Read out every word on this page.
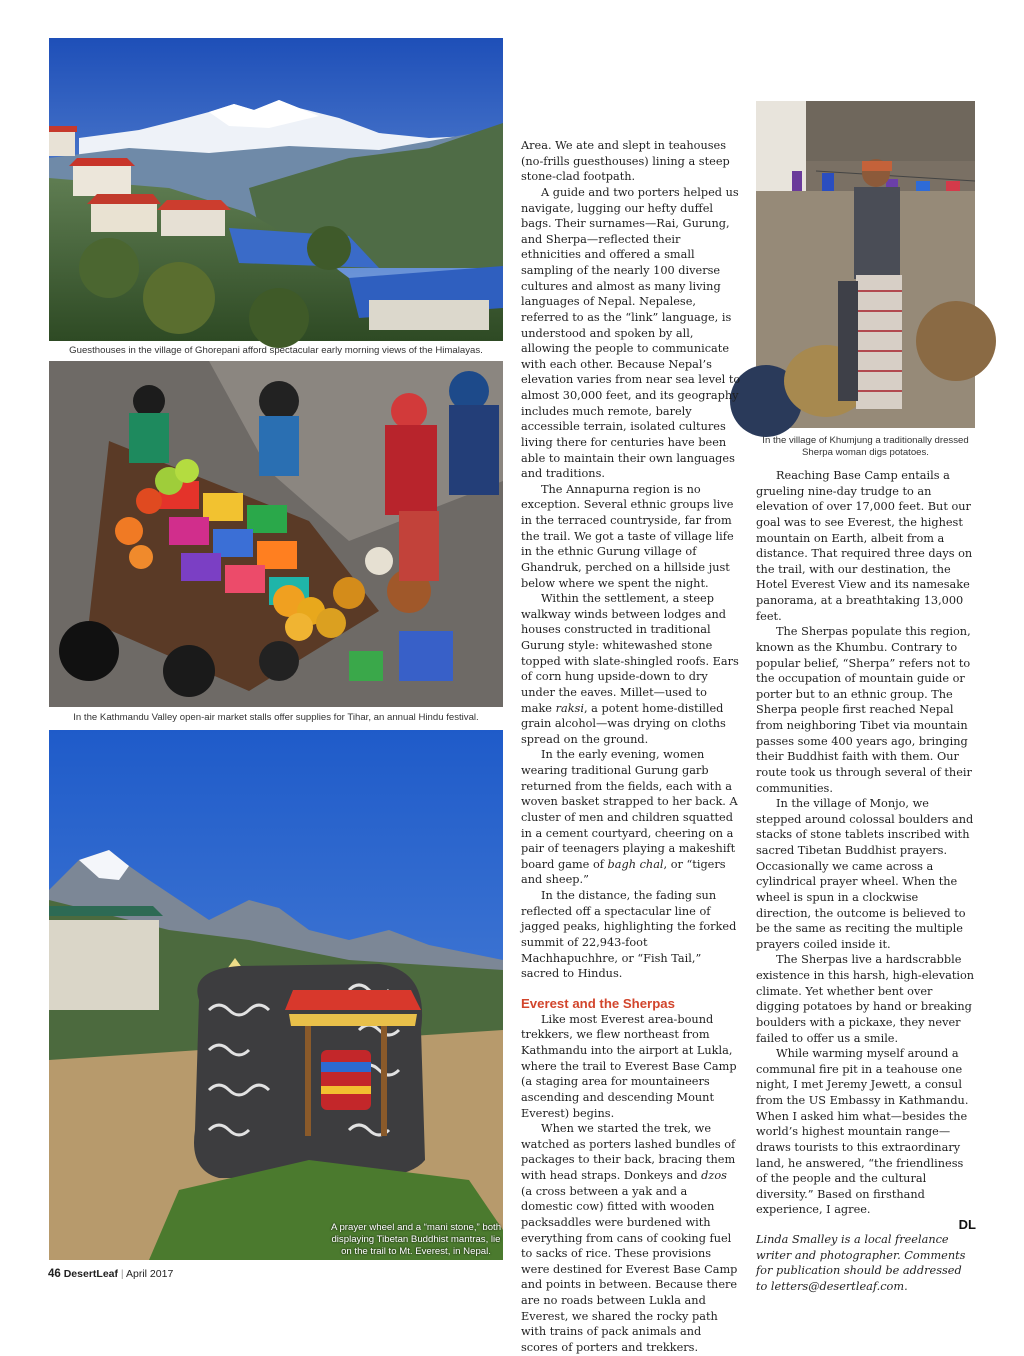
Guesthouses in the village of Ghorepani afford spectacular early morning views of the Himalayas.
In the Kathmandu Valley open-air market stalls offer supplies for Tihar, an annual Hindu festival.
A prayer wheel and a “mani stone,” both displaying Tibetan Buddhist mantras, lie on the trail to Mt. Everest, in Nepal.
In the village of Khumjung a traditionally dressed Sherpa woman digs potatoes.

Area. We ate and slept in teahouses (no-frills guesthouses) lining a steep stone-clad footpath.

A guide and two porters helped us navigate, lugging our hefty duffel bags. Their surnames—Rai, Gurung, and Sherpa—reflected their ethnicities and offered a small sampling of the nearly 100 diverse cultures and almost as many living languages of Nepal. Nepalese, referred to as the “link” language, is understood and spoken by all, allowing the people to communicate with each other. Because Nepal’s elevation varies from near sea level to almost 30,000 feet, and its geography includes much remote, barely accessible terrain, isolated cultures living there for centuries have been able to maintain their own languages and traditions.

The Annapurna region is no exception. Several ethnic groups live in the terraced countryside, far from the trail. We got a taste of village life in the ethnic Gurung village of Ghandruk, perched on a hillside just below where we spent the night.

Within the settlement, a steep walkway winds between lodges and houses constructed in traditional Gurung style: whitewashed stone topped with slate-shingled roofs. Ears of corn hung upside-down to dry under the eaves. Millet—used to make raksi, a potent home-distilled grain alcohol—was drying on cloths spread on the ground.

In the early evening, women wearing traditional Gurung garb returned from the fields, each with a woven basket strapped to her back. A cluster of men and children squatted in a cement courtyard, cheering on a pair of teenagers playing a makeshift board game of bagh chal, or “tigers and sheep.”

In the distance, the fading sun reflected off a spectacular line of jagged peaks, highlighting the forked summit of 22,943-foot Machhapuchhre, or “Fish Tail,” sacred to Hindus.

Everest and the Sherpas

Like most Everest area-bound trekkers, we flew northeast from Kathmandu into the airport at Lukla, where the trail to Everest Base Camp (a staging area for mountaineers ascending and descending Mount Everest) begins.

When we started the trek, we watched as porters lashed bundles of packages to their back, bracing them with head straps. Donkeys and dzos (a cross between a yak and a domestic cow) fitted with wooden packsaddles were burdened with everything from cans of cooking fuel to sacks of rice. These provisions were destined for Everest Base Camp and points in between. Because there are no roads between Lukla and Everest, we shared the rocky path with trains of pack animals and scores of porters and trekkers.

Reaching Base Camp entails a grueling nine-day trudge to an elevation of over 17,000 feet. But our goal was to see Everest, the highest mountain on Earth, albeit from a distance. That required three days on the trail, with our destination, the Hotel Everest View and its namesake panorama, at a breathtaking 13,000 feet.

The Sherpas populate this region, known as the Khumbu. Contrary to popular belief, “Sherpa” refers not to the occupation of mountain guide or porter but to an ethnic group. The Sherpa people first reached Nepal from neighboring Tibet via mountain passes some 400 years ago, bringing their Buddhist faith with them. Our route took us through several of their communities.

In the village of Monjo, we stepped around colossal boulders and stacks of stone tablets inscribed with sacred Tibetan Buddhist prayers. Occasionally we came across a cylindrical prayer wheel. When the wheel is spun in a clockwise direction, the outcome is believed to be the same as reciting the multiple prayers coiled inside it.

The Sherpas live a hardscrabble existence in this harsh, high-elevation climate. Yet whether bent over digging potatoes by hand or breaking boulders with a pickaxe, they never failed to offer us a smile.

While warming myself around a communal fire pit in a teahouse one night, I met Jeremy Jewett, a consul from the US Embassy in Kathmandu. When I asked him what—besides the world’s highest mountain range—draws tourists to this extraordinary land, he answered, “the friendliness of the people and the cultural diversity.” Based on firsthand experience, I agree.

DL

Linda Smalley is a local freelance writer and photographer. Comments for publication should be addressed to letters@desertleaf.com.

46 DesertLeaf | April 2017
